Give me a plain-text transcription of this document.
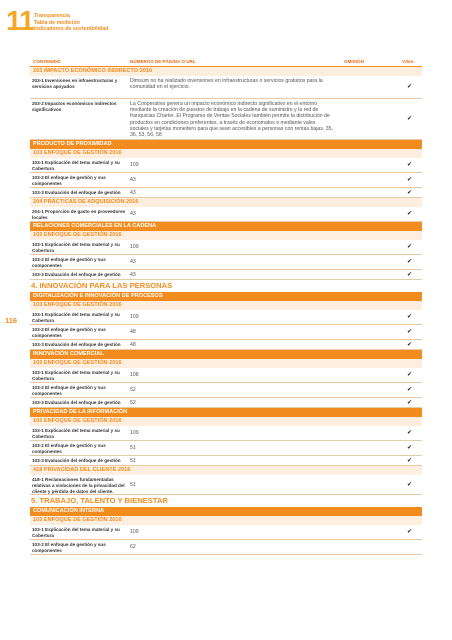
11 Transparencia
Tabla de medición
Indicadores de sostenibilidad
116
CONTENIDO	NÚMEROS DE PÁGINA O URL	OMISIÓN	Vdon.
203 IMPACTO ECONÓMICO INDIRECTO 2016
203-1 Inversiones en infraestructuras y servicios apoyados
Dimsum no ha realizado inversiones en infraestructuras o servicios gratuitos para la comunidad en el ejercicio.	✔
203-2 Impactos económicos indirectos significativos
La Cooperativa genera un impacto económico indirecto significativo en el entorno mediante la creación de puestos de trabajo en la cadena de suministro y la red de franquicias Charter. El Programa de Ventas Sociales también permite la distribución de productos en condiciones preferentes, a través de economatos o mediante vales sociales y tarjetas monedero para que sean accesibles a personas con rentas bajas. 35, 36, 53, 56, 58
✔
PRODUCTO DE PROXIMIDAD
103 ENFOQUE DE GESTIÓN 2016
103-1 Explicación del tema material y su Cobertura
109	✔
103-2 El enfoque de gestión y sus componentes
43	✔
103-3 Evaluación del enfoque de gestión	43	✔
204 PRÁCTICAS DE ADQUISICIÓN 2016
204-1 Proporción de gasto en proveedores locales
43	✔
RELACIONES COMERCIALES EN LA CADENA
103 ENFOQUE DE GESTIÓN 2016
103-1 Explicación del tema material y su Cobertura
109	✔
103-2 El enfoque de gestión y sus componentes
43	✔
103-3 Evaluación del enfoque de gestión	43	✔
4. INNOVACIÓN PARA LAS PERSONAS
DIGITALIZACIÓN E INNOVACIÓN DE PROCESOS
103 ENFOQUE DE GESTIÓN 2016
103-1 Explicación del tema material y su Cobertura
109	✔
103-2 El enfoque de gestión y sus componentes
48	✔
103-3 Evaluación del enfoque de gestión	48	✔
INNOVACIÓN COMERCIAL
103 ENFOQUE DE GESTIÓN 2016
103-1 Explicación del tema material y su Cobertura
108	✔
103-2 El enfoque de gestión y sus componentes
52	✔
103-3 Evaluación del enfoque de gestión	52	✔
PRIVACIDAD DE LA INFORMACIÓN
103 ENFOQUE DE GESTIÓN 2016
103-1 Explicación del tema material y su Cobertura
109	✔
103-2 El enfoque de gestión y sus componentes
51	✔
103-3 Evaluación del enfoque de gestión	51	✔
418 PRIVACIDAD DEL CLIENTE 2016
418-1 Reclamaciones fundamentadas relativas a violaciones de la privacidad del cliente y pérdida de datos del cliente.
51	✔
5. TRABAJO, TALENTO Y BIENESTAR
COMUNICACIÓN INTERNA
103 ENFOQUE DE GESTIÓN 2016
103-1 Explicación del tema material y su Cobertura
109	✔
103-2 El enfoque de gestión y sus componentes
62
